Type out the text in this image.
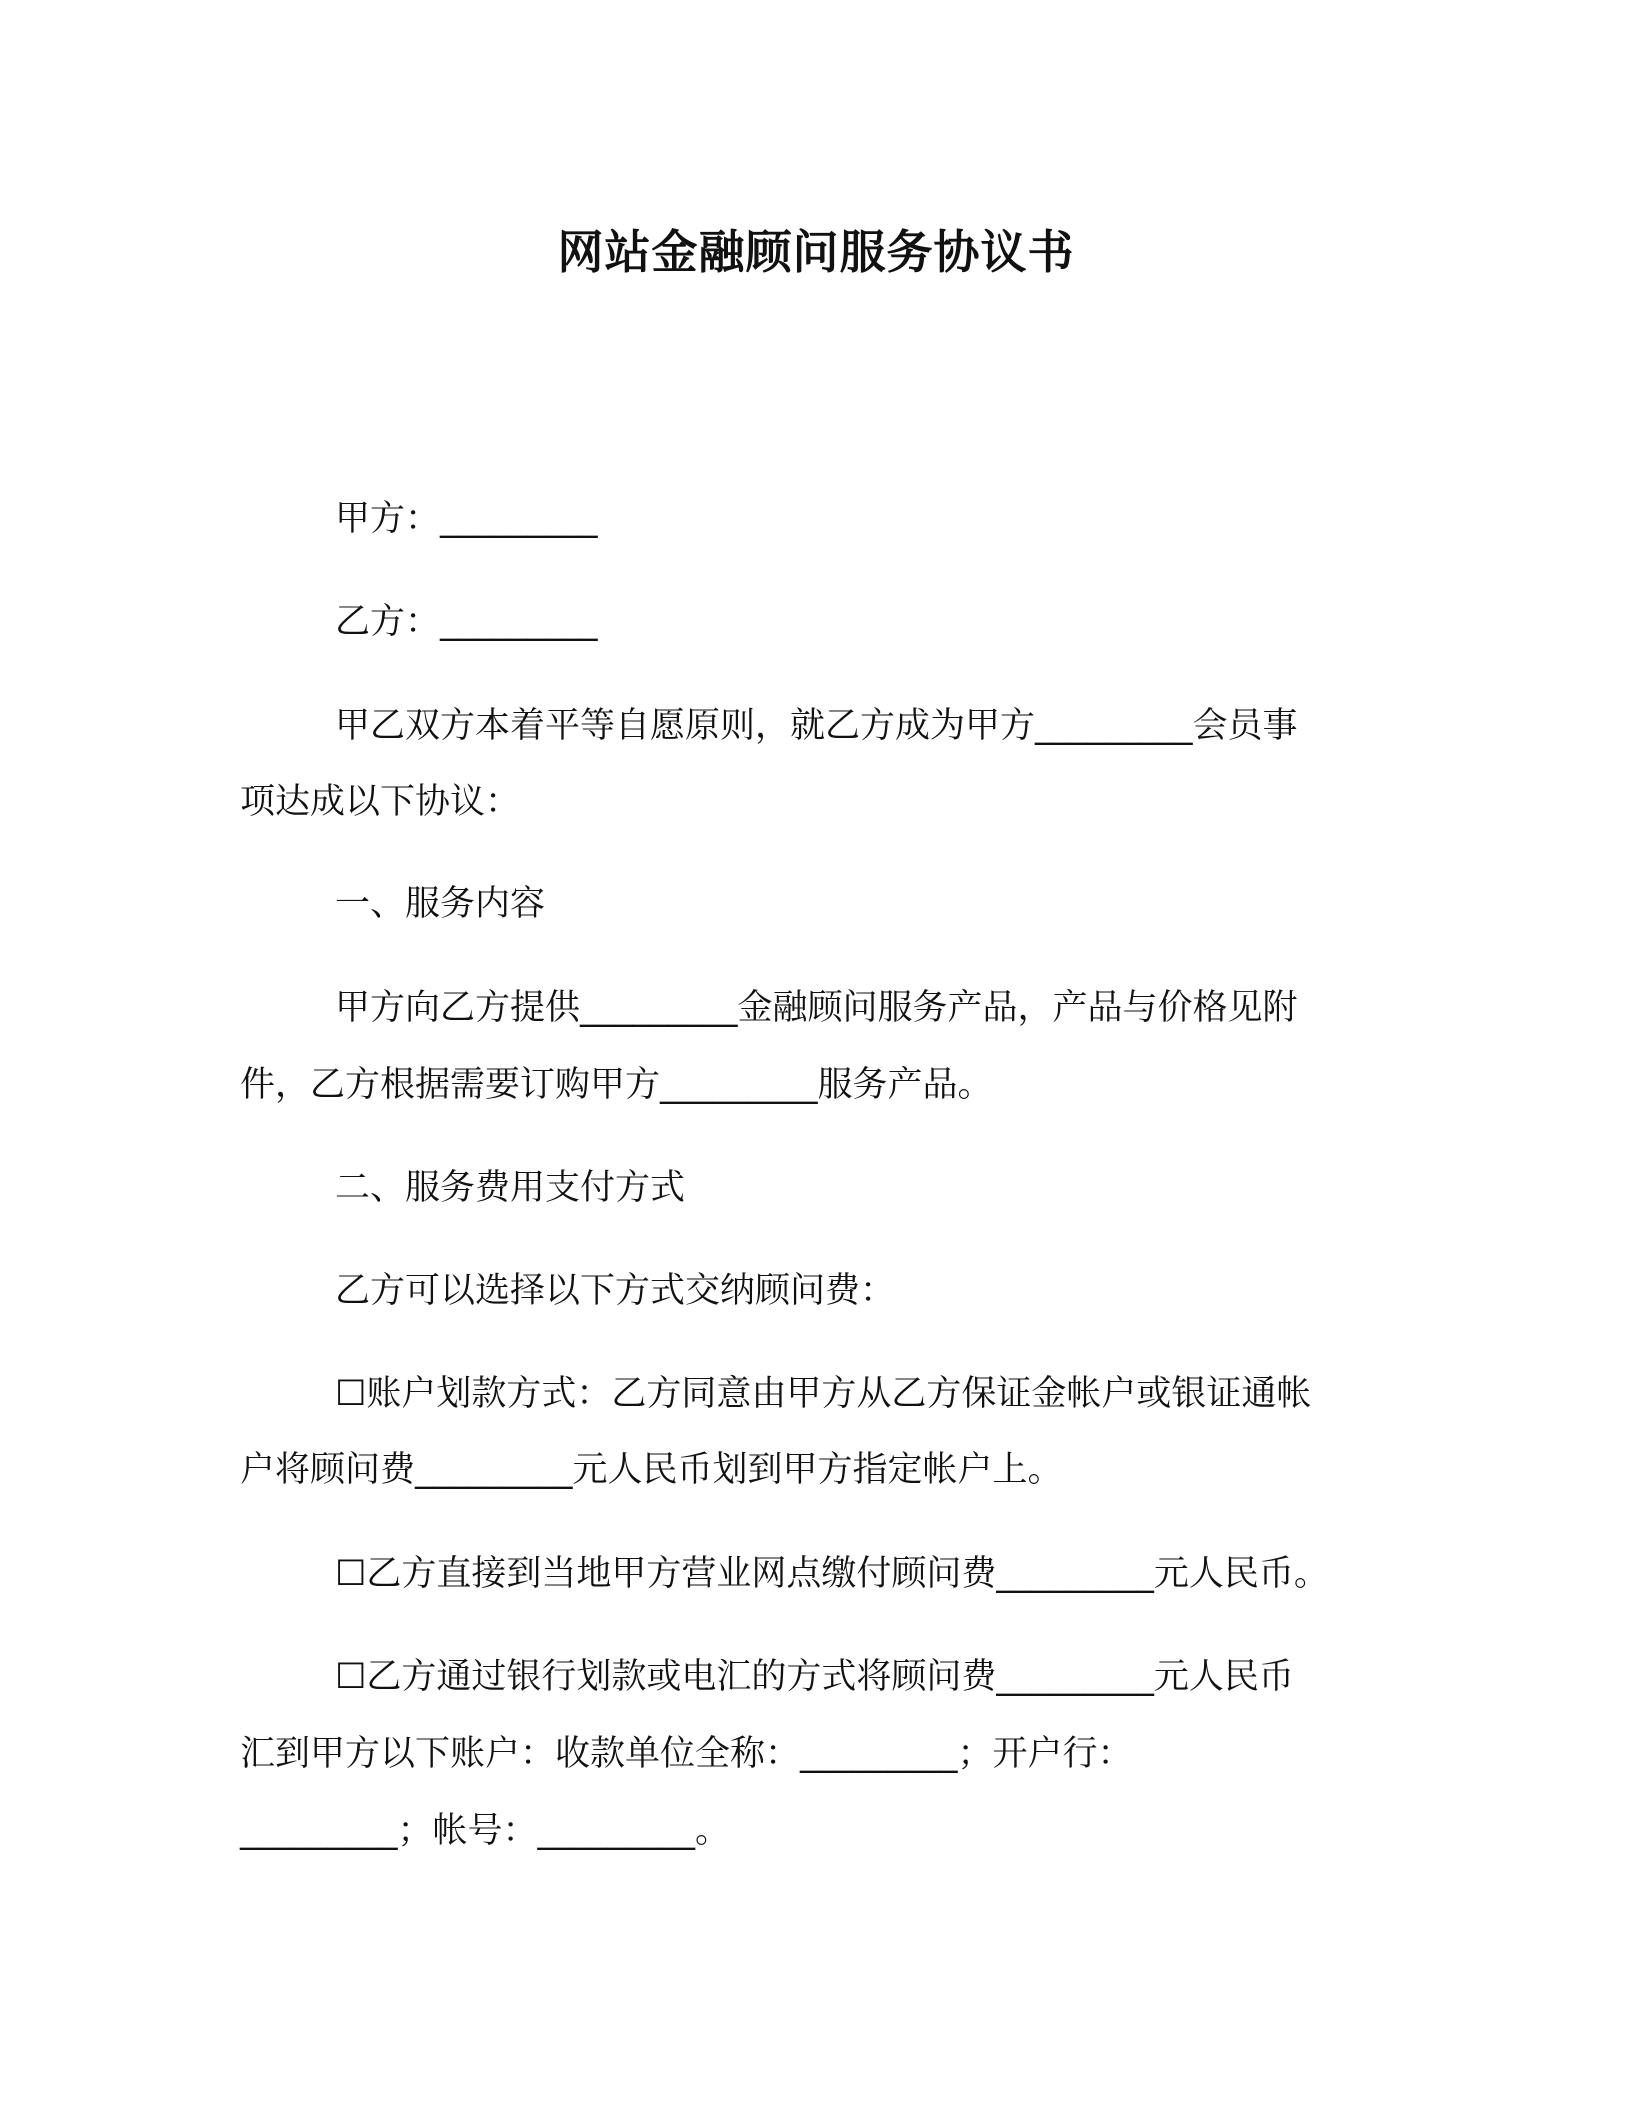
网站金融顾问服务协议书
甲方：_________
乙方：_________
甲乙双方本着平等自愿原则，就乙方成为甲方_________会员事
项达成以下协议：
一、服务内容
甲方向乙方提供_________金融顾问服务产品，产品与价格见附
件，乙方根据需要订购甲方_________服务产品。
二、服务费用支付方式
乙方可以选择以下方式交纳顾问费：
☐账户划款方式：乙方同意由甲方从乙方保证金帐户或银证通帐
户将顾问费_________元人民币划到甲方指定帐户上。
☐乙方直接到当地甲方营业网点缴付顾问费_________元人民币。
☐乙方通过银行划款或电汇的方式将顾问费_________元人民币
汇到甲方以下账户：收款单位全称：_________；开户行：
_________；帐号：_________。
